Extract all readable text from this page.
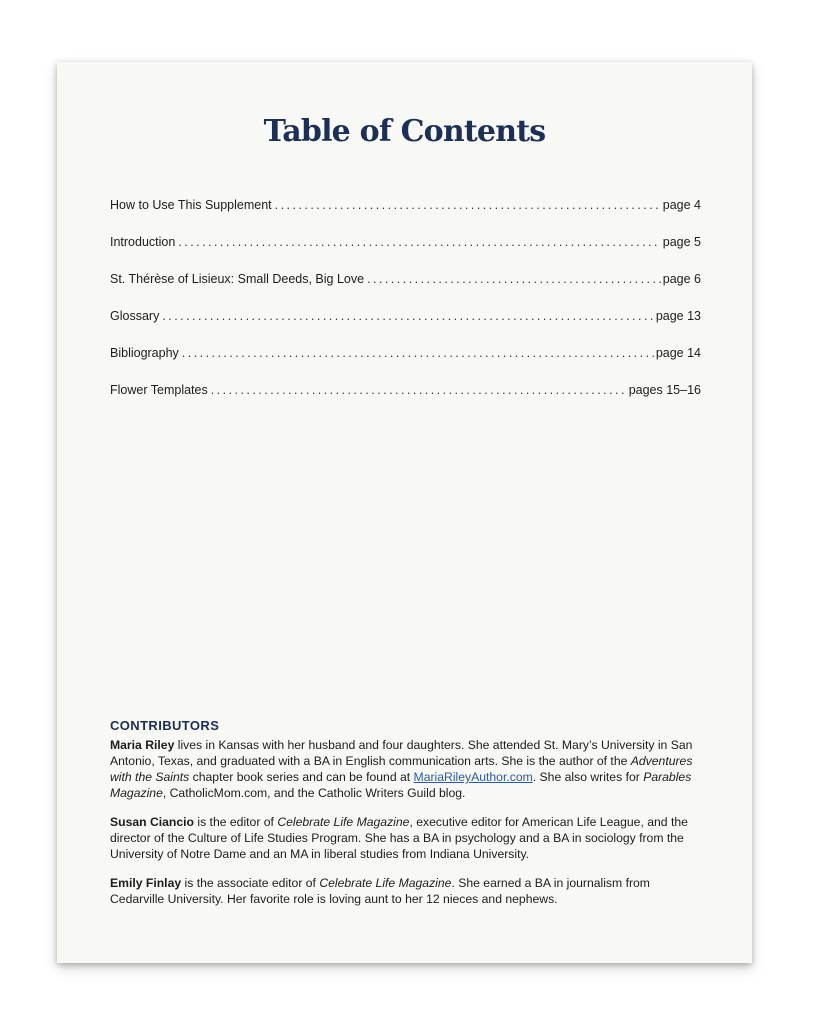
Table of Contents
How to Use This Supplement . . .	page 4
Introduction . . .	page 5
St. Thérèse of Lisieux: Small Deeds, Big Love . . .	page 6
Glossary . . .	page 13
Bibliography . . .	page 14
Flower Templates . . .	pages 15–16
CONTRIBUTORS

Maria Riley lives in Kansas with her husband and four daughters. She attended St. Mary’s University in San Antonio, Texas, and graduated with a BA in English communication arts. She is the author of the Adventures with the Saints chapter book series and can be found at MariaRileyAuthor.com. She also writes for Parables Magazine, CatholicMom.com, and the Catholic Writers Guild blog.

Susan Ciancio is the editor of Celebrate Life Magazine, executive editor for American Life League, and the director of the Culture of Life Studies Program. She has a BA in psychology and a BA in sociology from the University of Notre Dame and an MA in liberal studies from Indiana University.

Emily Finlay is the associate editor of Celebrate Life Magazine. She earned a BA in journalism from Cedarville University. Her favorite role is loving aunt to her 12 nieces and nephews.
